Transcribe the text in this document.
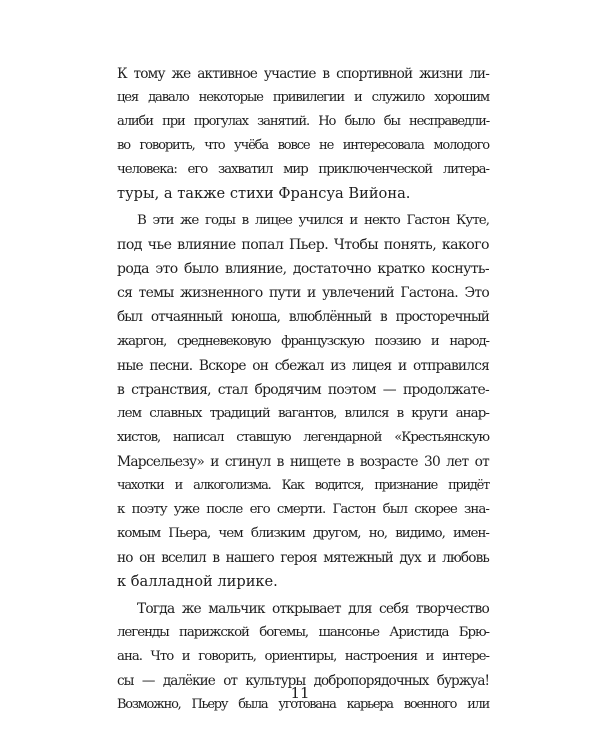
К тому же активное участие в спортивной жизни ли-
цея давало некоторые привилегии и служило хорошим
алиби при прогулах занятий. Но было бы несправедли-
во говорить, что учёба вовсе не интересовала молодого
человека: его захватил мир приключенческой литера-
туры, а также стихи Франсуа Вийона.
В эти же годы в лицее учился и некто Гастон Куте,
под чье влияние попал Пьер. Чтобы понять, какого
рода это было влияние, достаточно кратко коснуть-
ся темы жизненного пути и увлечений Гастона. Это
был отчаянный юноша, влюблённый в просторечный
жаргон, средневековую французскую поэзию и народ-
ные песни. Вскоре он сбежал из лицея и отправился
в странствия, стал бродячим поэтом — продолжате-
лем славных традиций вагантов, влился в круги анар-
хистов, написал ставшую легендарной «Крестьянскую
Марсельезу» и сгинул в нищете в возрасте 30 лет от
чахотки и алкоголизма. Как водится, признание придёт
к поэту уже после его смерти. Гастон был скорее зна-
комым Пьера, чем близким другом, но, видимо, имен-
но он вселил в нашего героя мятежный дух и любовь
к балладной лирике.
Тогда же мальчик открывает для себя творчество
легенды парижской богемы, шансонье Аристида Брю-
ана. Что и говорить, ориентиры, настроения и интере-
сы — далёкие от культуры добропорядочных буржуа!
Возможно, Пьеру была уготована карьера военного или
11
